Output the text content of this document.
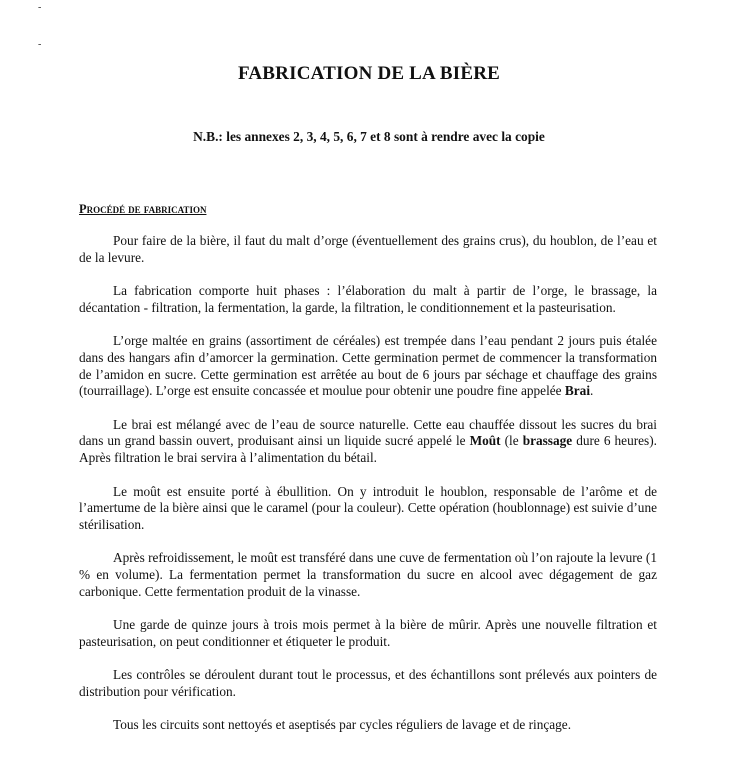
-
-
FABRICATION DE LA BIÈRE
N.B.: les annexes 2, 3, 4, 5, 6, 7 et 8 sont à rendre avec la copie
Procédé de fabrication

Pour faire de la bière, il faut du malt d’orge (éventuellement des grains crus), du houblon, de l’eau et de la levure.

La fabrication comporte huit phases : l’élaboration du malt à partir de l’orge, le brassage, la décantation - filtration, la fermentation, la garde, la filtration, le conditionnement et la pasteurisation.

L’orge maltée en grains (assortiment de céréales) est trempée dans l’eau pendant 2 jours puis étalée dans des hangars afin d’amorcer la germination. Cette germination permet de commencer la transformation de l’amidon en sucre. Cette germination est arrêtée au bout de 6 jours par séchage et chauffage des grains (tourraillage). L’orge est ensuite concassée et moulue pour obtenir une poudre fine appelée Brai.

Le brai est mélangé avec de l’eau de source naturelle. Cette eau chauffée dissout les sucres du brai dans un grand bassin ouvert, produisant ainsi un liquide sucré appelé le Moût (le brassage dure 6 heures). Après filtration le brai servira à l’alimentation du bétail.

Le moût est ensuite porté à ébullition. On y introduit le houblon, responsable de l’arôme et de l’amertume de la bière ainsi que le caramel (pour la couleur). Cette opération (houblonnage) est suivie d’une stérilisation.

Après refroidissement, le moût est transféré dans une cuve de fermentation où l’on rajoute la levure (1 % en volume). La fermentation permet la transformation du sucre en alcool avec dégagement de gaz carbonique. Cette fermentation produit de la vinasse.

Une garde de quinze jours à trois mois permet à la bière de mûrir. Après une nouvelle filtration et pasteurisation, on peut conditionner et étiqueter le produit.

Les contrôles se déroulent durant tout le processus, et des échantillons sont prélevés aux pointers de distribution pour vérification.

Tous les circuits sont nettoyés et aseptisés par cycles réguliers de lavage et de rinçage.
